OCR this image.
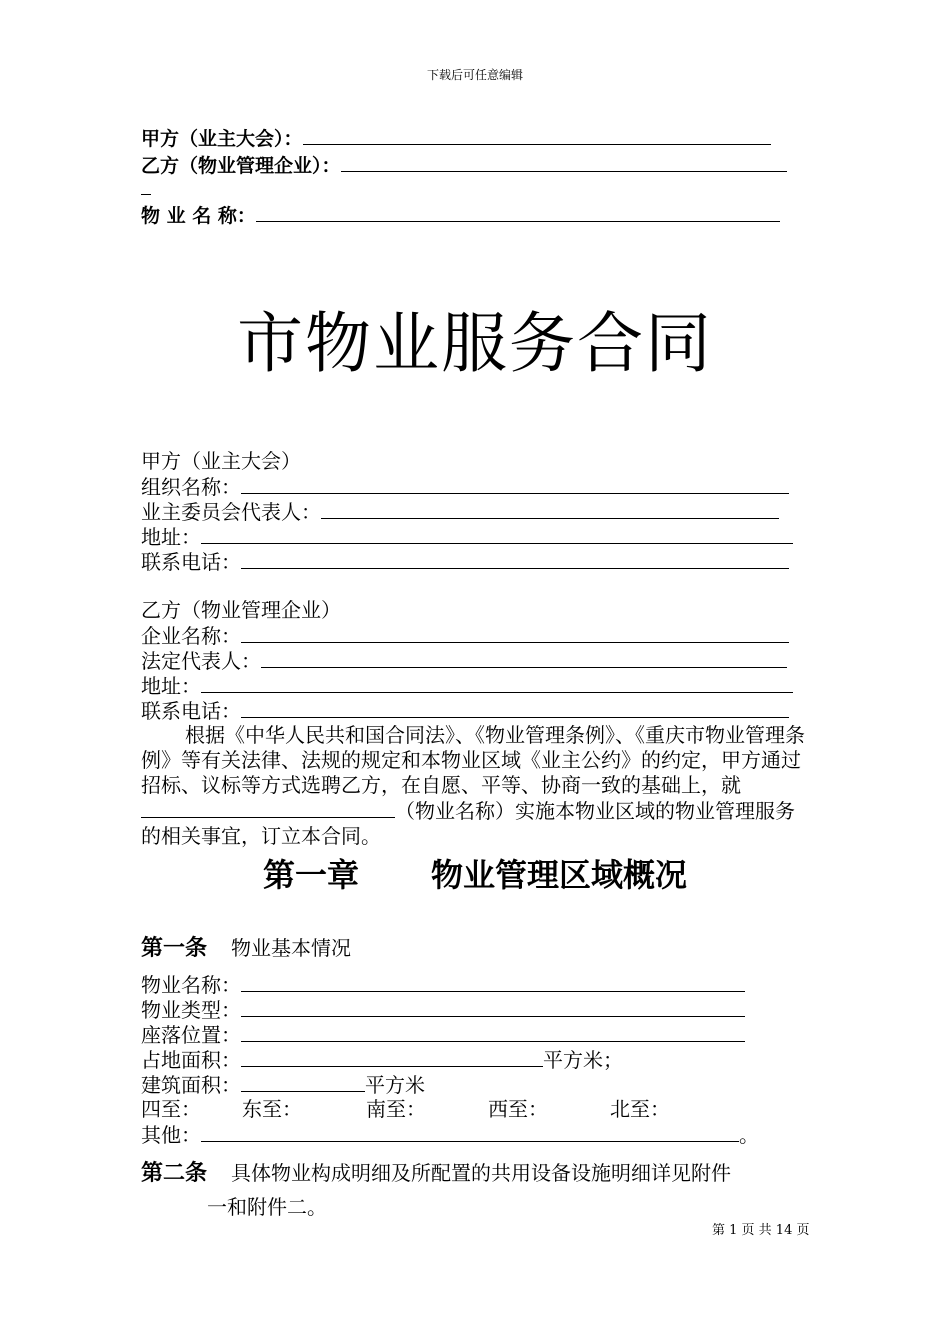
下载后可任意编辑
甲方（业主大会）：
乙方（物业管理企业）：
物 业 名 称：
市物业服务合同
甲方（业主大会）
组织名称：
业主委员会代表人：
地址：
联系电话：
乙方（物业管理企业）
企业名称：
法定代表人：
地址：
联系电话：

根据《中华人民共和国合同法》、《物业管理条例》、《重庆市物业管理条例》等有关法律、法规的规定和本物业区域《业主公约》的约定，甲方通过招标、议标等方式选聘乙方，在自愿、平等、协商一致的基础上，就（物业名称）实施本物业区域的物业管理服务的相关事宜，订立本合同。

第一章 物业管理区域概况
第一条 物业基本情况
物业名称：
物业类型：
座落位置：
占地面积：	平方米；
建筑面积：	平方米
四至： 东至：	南至：	西至：	北至：
其他：	。
第二条 具体物业构成明细及所配置的共用设备设施明细详见附件
一和附件二。
第 1 页 共 14 页
